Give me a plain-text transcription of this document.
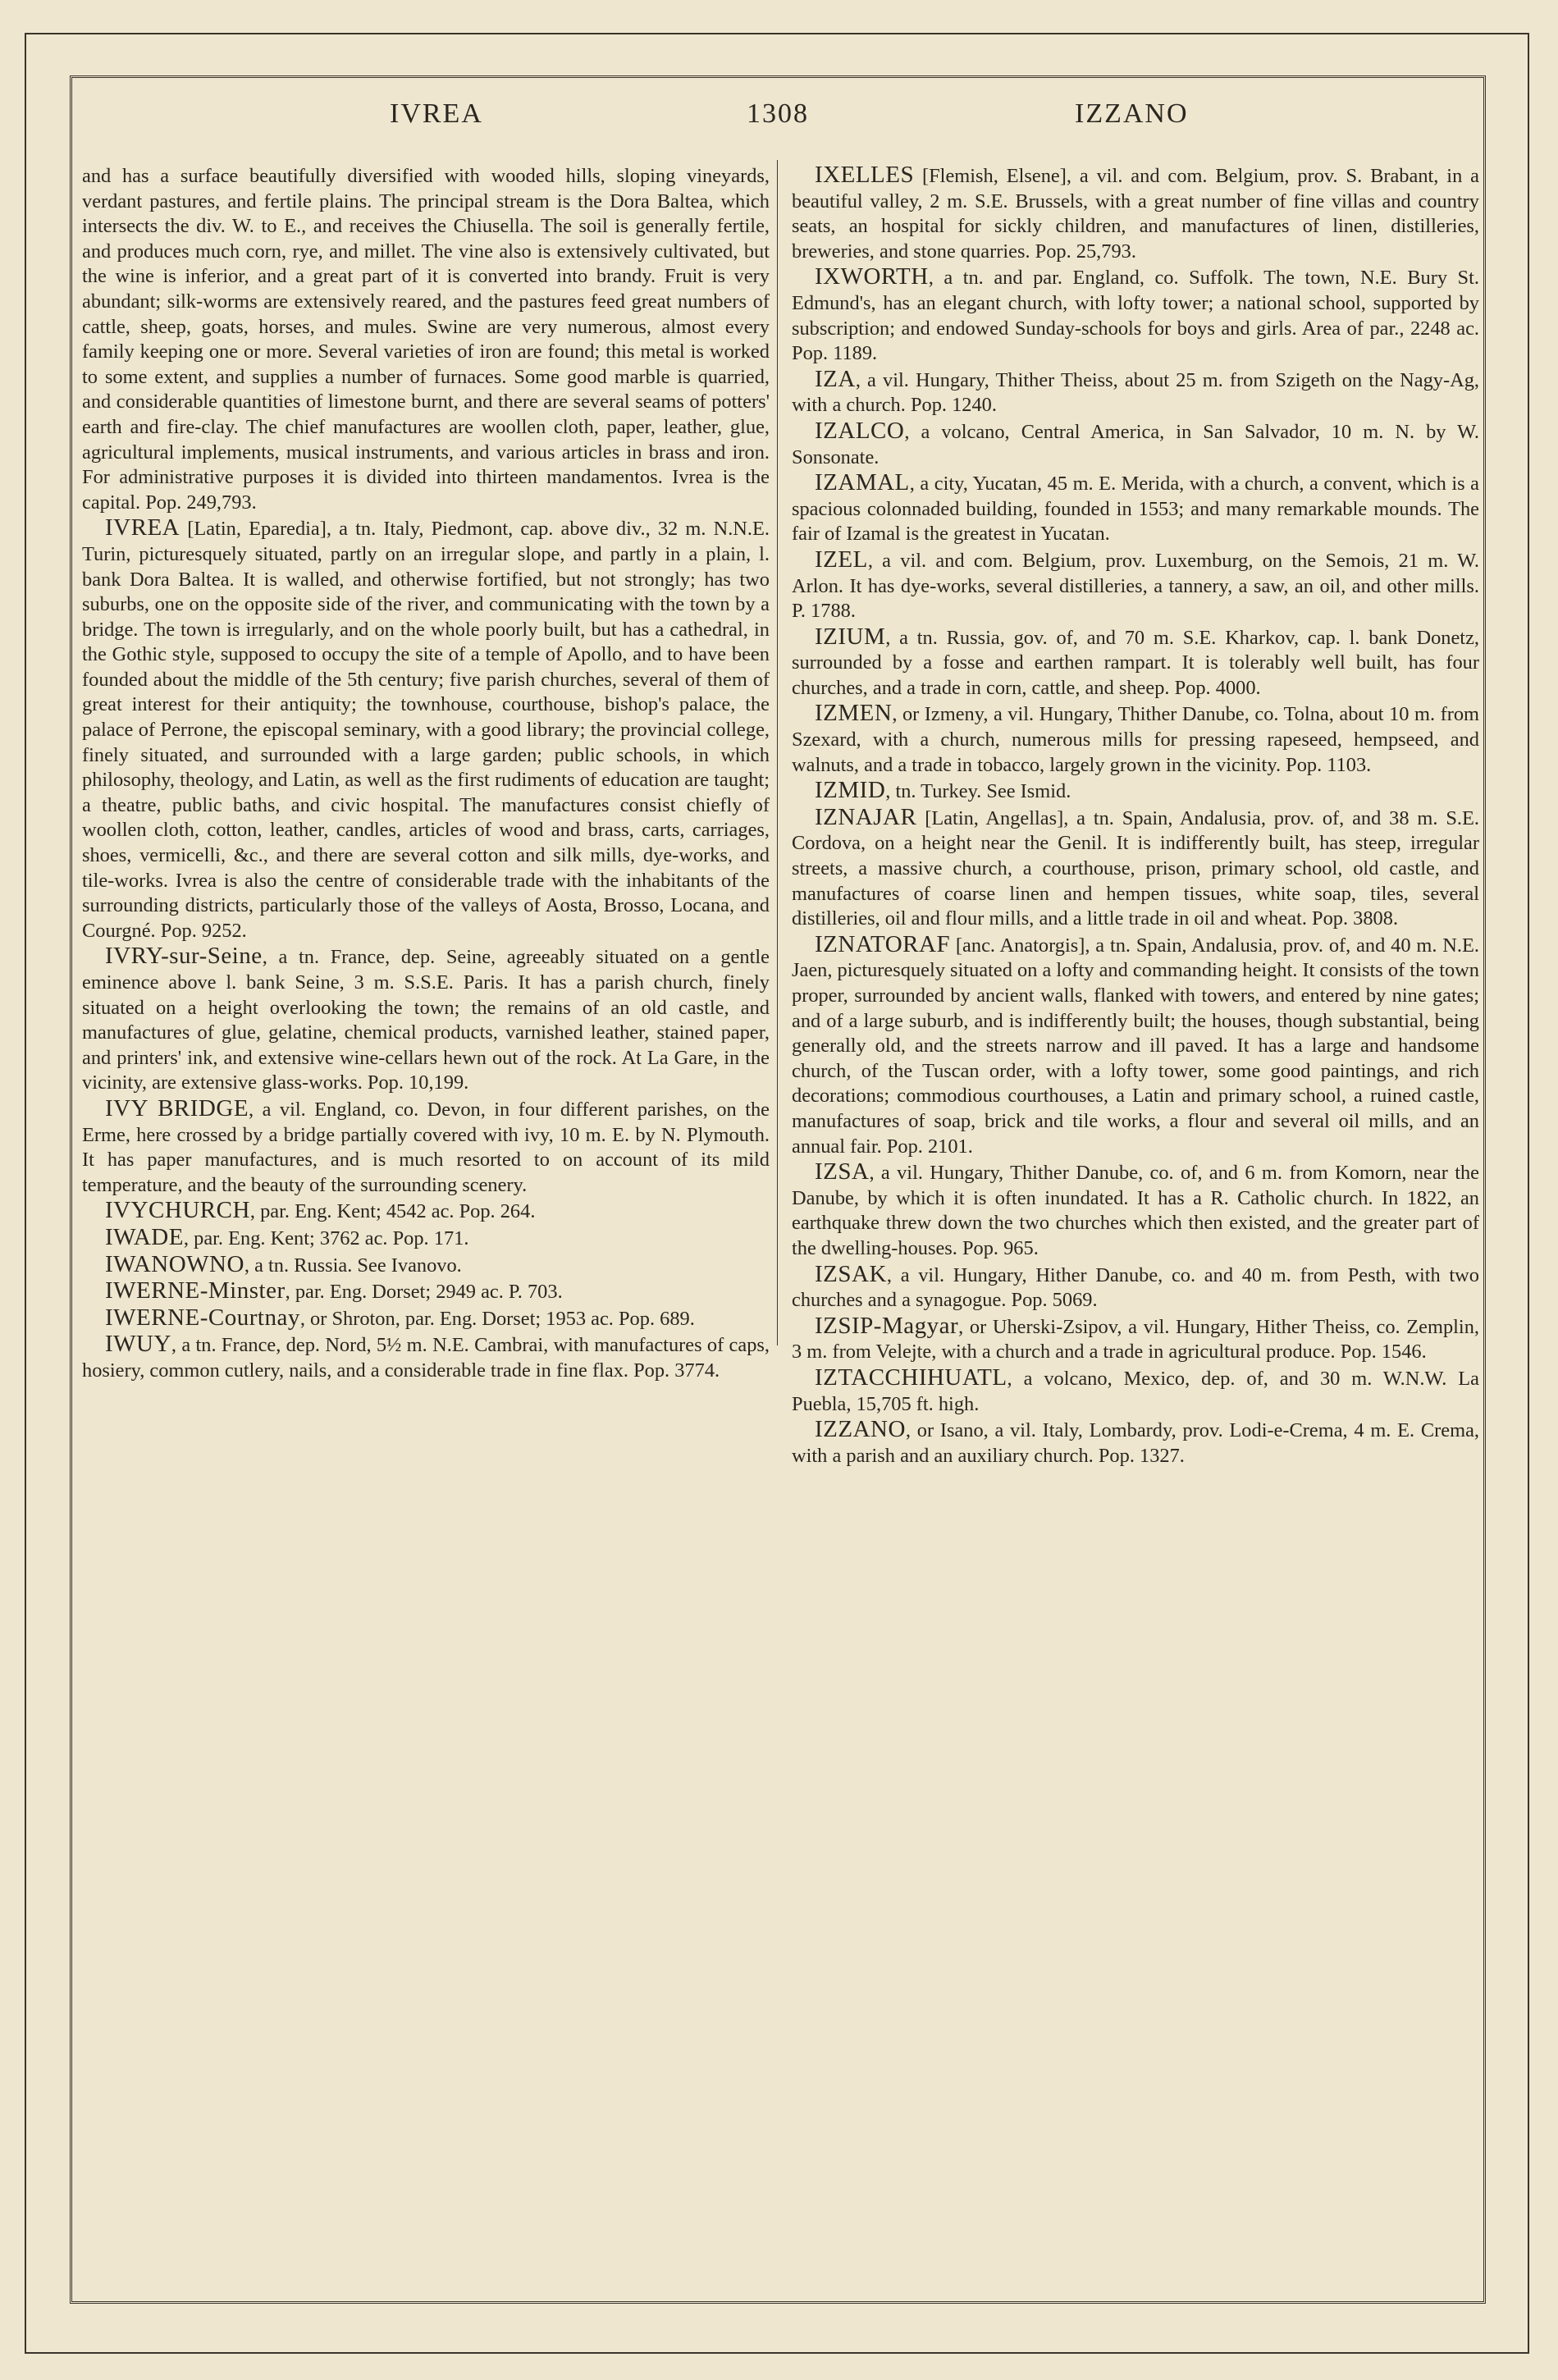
IVREA	1308	IZZANO

and has a surface beautifully diversified with wooded hills, sloping vineyards, verdant pastures, and fertile plains. The principal stream is the Dora Baltea, which intersects the div. W. to E., and receives the Chiusella. The soil is generally fertile, and produces much corn, rye, and millet. The vine also is extensively cultivated, but the wine is inferior, and a great part of it is converted into brandy. Fruit is very abundant; silk-worms are extensively reared, and the pastures feed great numbers of cattle, sheep, goats, horses, and mules. Swine are very numerous, almost every family keeping one or more. Several varieties of iron are found; this metal is worked to some extent, and supplies a number of furnaces. Some good marble is quarried, and considerable quantities of limestone burnt, and there are several seams of potters' earth and fire-clay. The chief manufactures are woollen cloth, paper, leather, glue, agricultural implements, musical instruments, and various articles in brass and iron. For administrative purposes it is divided into thirteen mandamentos. Ivrea is the capital. Pop. 249,793.

IVREA [Latin, Eparedia], a tn. Italy, Piedmont, cap. above div., 32 m. N.N.E. Turin, picturesquely situated, partly on an irregular slope, and partly in a plain, l. bank Dora Baltea. It is walled, and otherwise fortified, but not strongly; has two suburbs, one on the opposite side of the river, and communicating with the town by a bridge. The town is irregularly, and on the whole poorly built, but has a cathedral, in the Gothic style, supposed to occupy the site of a temple of Apollo, and to have been founded about the middle of the 5th century; five parish churches, several of them of great interest for their antiquity; the townhouse, courthouse, bishop's palace, the palace of Perrone, the episcopal seminary, with a good library; the provincial college, finely situated, and surrounded with a large garden; public schools, in which philosophy, theology, and Latin, as well as the first rudiments of education are taught; a theatre, public baths, and civic hospital. The manufactures consist chiefly of woollen cloth, cotton, leather, candles, articles of wood and brass, carts, carriages, shoes, vermicelli, &c., and there are several cotton and silk mills, dye-works, and tile-works. Ivrea is also the centre of considerable trade with the inhabitants of the surrounding districts, particularly those of the valleys of Aosta, Brosso, Locana, and Courgné. Pop. 9252.

IVRY-sur-Seine, a tn. France, dep. Seine, agreeably situated on a gentle eminence above l. bank Seine, 3 m. S.S.E. Paris. It has a parish church, finely situated on a height overlooking the town; the remains of an old castle, and manufactures of glue, gelatine, chemical products, varnished leather, stained paper, and printers' ink, and extensive wine-cellars hewn out of the rock. At La Gare, in the vicinity, are extensive glass-works. Pop. 10,199.

IVY BRIDGE, a vil. England, co. Devon, in four different parishes, on the Erme, here crossed by a bridge partially covered with ivy, 10 m. E. by N. Plymouth. It has paper manufactures, and is much resorted to on account of its mild temperature, and the beauty of the surrounding scenery.

IVYCHURCH, par. Eng. Kent; 4542 ac. Pop. 264.

IWADE, par. Eng. Kent; 3762 ac. Pop. 171.

IWANOWNO, a tn. Russia. See Ivanovo.

IWERNE-Minster, par. Eng. Dorset; 2949 ac. P. 703.

IWERNE-Courtnay, or Shroton, par. Eng. Dorset; 1953 ac. Pop. 689.

IWUY, a tn. France, dep. Nord, 5½ m. N.E. Cambrai, with manufactures of caps, hosiery, common cutlery, nails, and a considerable trade in fine flax. Pop. 3774.

IXELLES [Flemish, Elsene], a vil. and com. Belgium, prov. S. Brabant, in a beautiful valley, 2 m. S.E. Brussels, with a great number of fine villas and country seats, an hospital for sickly children, and manufactures of linen, distilleries, breweries, and stone quarries. Pop. 25,793.

IXWORTH, a tn. and par. England, co. Suffolk. The town, N.E. Bury St. Edmund's, has an elegant church, with lofty tower; a national school, supported by subscription; and endowed Sunday-schools for boys and girls. Area of par., 2248 ac. Pop. 1189.

IZA, a vil. Hungary, Thither Theiss, about 25 m. from Szigeth on the Nagy-Ag, with a church. Pop. 1240.

IZALCO, a volcano, Central America, in San Salvador, 10 m. N. by W. Sonsonate.

IZAMAL, a city, Yucatan, 45 m. E. Merida, with a church, a convent, which is a spacious colonnaded building, founded in 1553; and many remarkable mounds. The fair of Izamal is the greatest in Yucatan.

IZEL, a vil. and com. Belgium, prov. Luxemburg, on the Semois, 21 m. W. Arlon. It has dye-works, several distilleries, a tannery, a saw, an oil, and other mills. P. 1788.

IZIUM, a tn. Russia, gov. of, and 70 m. S.E. Kharkov, cap. l. bank Donetz, surrounded by a fosse and earthen rampart. It is tolerably well built, has four churches, and a trade in corn, cattle, and sheep. Pop. 4000.

IZMEN, or Izmeny, a vil. Hungary, Thither Danube, co. Tolna, about 10 m. from Szexard, with a church, numerous mills for pressing rapeseed, hempseed, and walnuts, and a trade in tobacco, largely grown in the vicinity. Pop. 1103.

IZMID, tn. Turkey. See Ismid.

IZNAJAR [Latin, Angellas], a tn. Spain, Andalusia, prov. of, and 38 m. S.E. Cordova, on a height near the Genil. It is indifferently built, has steep, irregular streets, a massive church, a courthouse, prison, primary school, old castle, and manufactures of coarse linen and hempen tissues, white soap, tiles, several distilleries, oil and flour mills, and a little trade in oil and wheat. Pop. 3808.

IZNATORAF [anc. Anatorgis], a tn. Spain, Andalusia, prov. of, and 40 m. N.E. Jaen, picturesquely situated on a lofty and commanding height. It consists of the town proper, surrounded by ancient walls, flanked with towers, and entered by nine gates; and of a large suburb, and is indifferently built; the houses, though substantial, being generally old, and the streets narrow and ill paved. It has a large and handsome church, of the Tuscan order, with a lofty tower, some good paintings, and rich decorations; commodious courthouses, a Latin and primary school, a ruined castle, manufactures of soap, brick and tile works, a flour and several oil mills, and an annual fair. Pop. 2101.

IZSA, a vil. Hungary, Thither Danube, co. of, and 6 m. from Komorn, near the Danube, by which it is often inundated. It has a R. Catholic church. In 1822, an earthquake threw down the two churches which then existed, and the greater part of the dwelling-houses. Pop. 965.

IZSAK, a vil. Hungary, Hither Danube, co. and 40 m. from Pesth, with two churches and a synagogue. Pop. 5069.

IZSIP-Magyar, or Uherski-Zsipov, a vil. Hungary, Hither Theiss, co. Zemplin, 3 m. from Velejte, with a church and a trade in agricultural produce. Pop. 1546.

IZTACCHIHUATL, a volcano, Mexico, dep. of, and 30 m. W.N.W. La Puebla, 15,705 ft. high.

IZZANO, or Isano, a vil. Italy, Lombardy, prov. Lodi-e-Crema, 4 m. E. Crema, with a parish and an auxiliary church. Pop. 1327.
